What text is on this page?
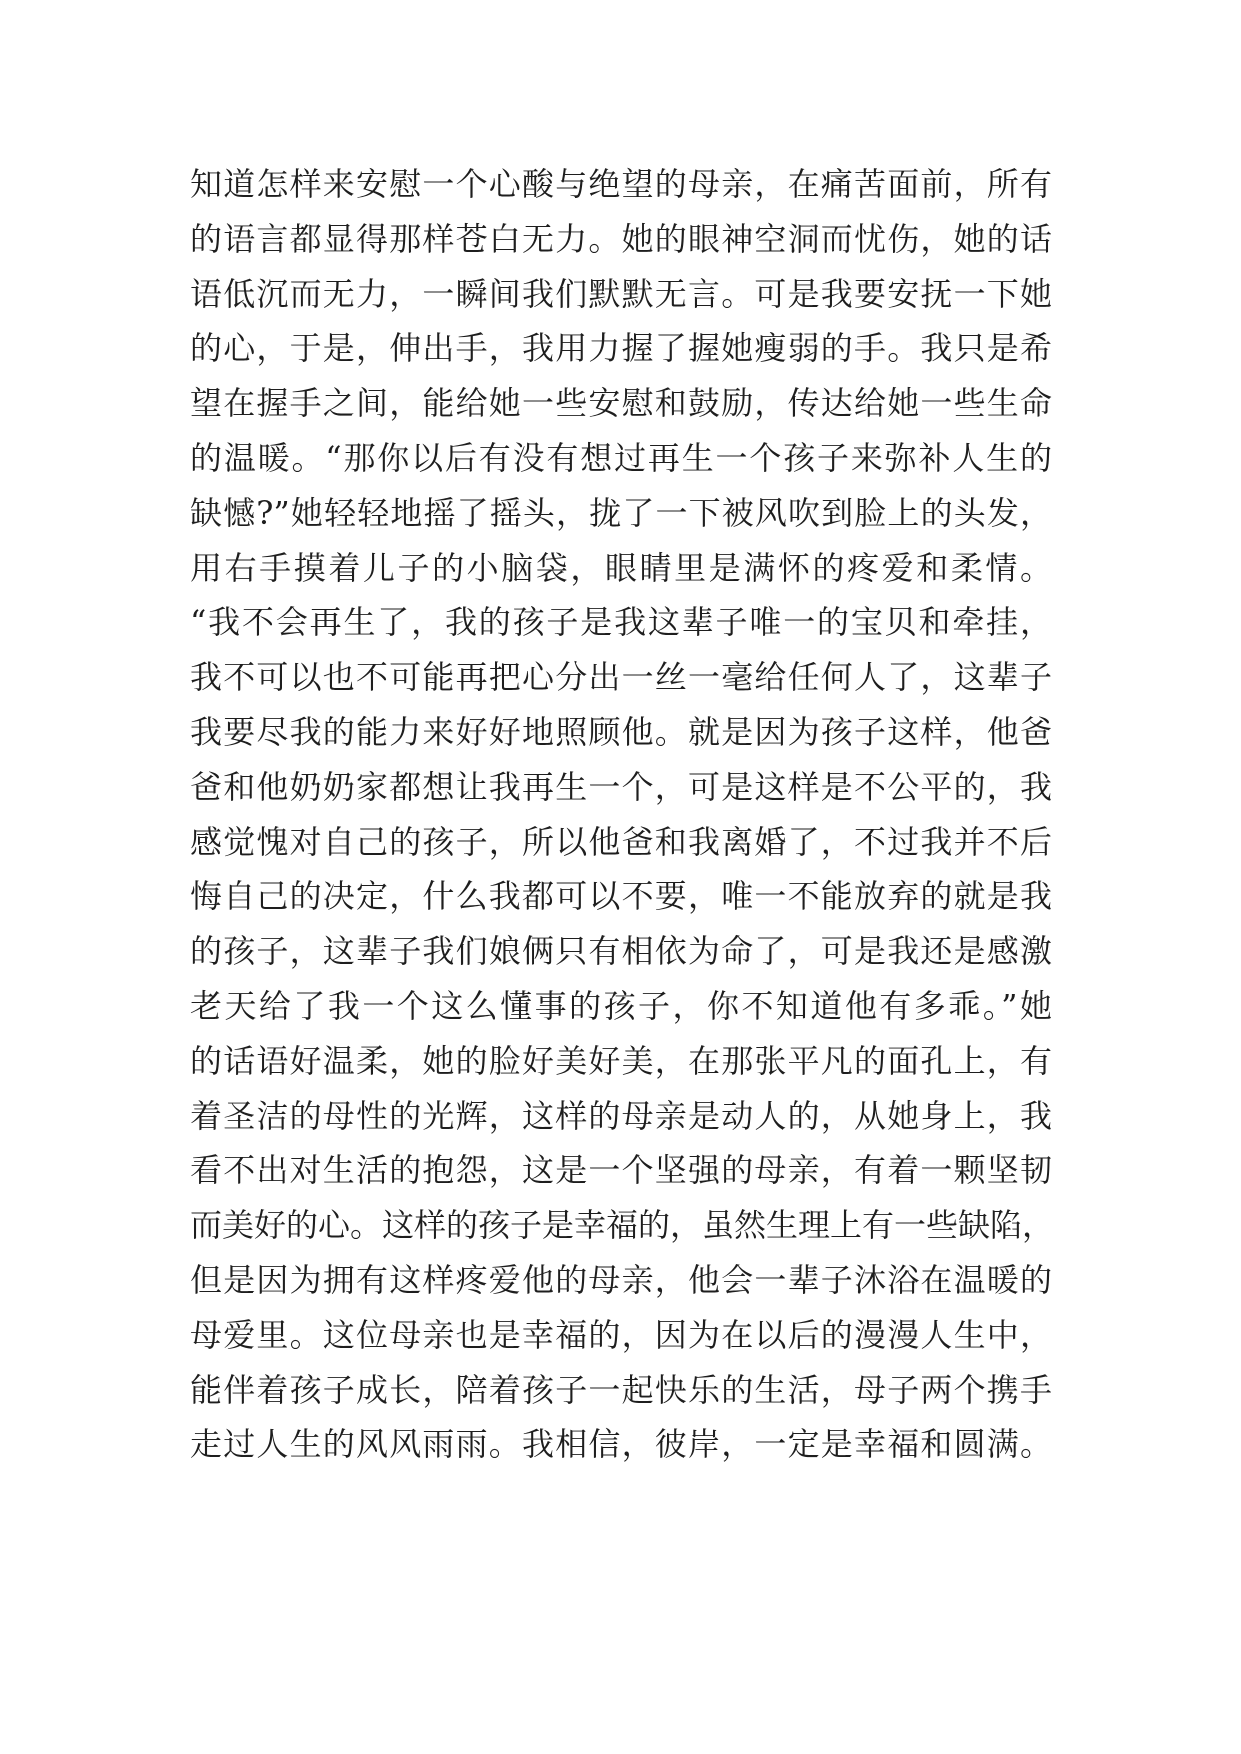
知道怎样来安慰一个心酸与绝望的母亲，在痛苦面前，所有
的语言都显得那样苍白无力。她的眼神空洞而忧伤，她的话
语低沉而无力，一瞬间我们默默无言。可是我要安抚一下她
的心，于是，伸出手，我用力握了握她瘦弱的手。我只是希
望在握手之间，能给她一些安慰和鼓励，传达给她一些生命
的温暖。“那你以后有没有想过再生一个孩子来弥补人生的
缺憾?”她轻轻地摇了摇头，拢了一下被风吹到脸上的头发，
用右手摸着儿子的小脑袋，眼睛里是满怀的疼爱和柔情。
“我不会再生了，我的孩子是我这辈子唯一的宝贝和牵挂，
我不可以也不可能再把心分出一丝一毫给任何人了，这辈子
我要尽我的能力来好好地照顾他。就是因为孩子这样，他爸
爸和他奶奶家都想让我再生一个，可是这样是不公平的，我
感觉愧对自己的孩子，所以他爸和我离婚了，不过我并不后
悔自己的决定，什么我都可以不要，唯一不能放弃的就是我
的孩子，这辈子我们娘俩只有相依为命了，可是我还是感激
老天给了我一个这么懂事的孩子，你不知道他有多乖。”她
的话语好温柔，她的脸好美好美，在那张平凡的面孔上，有
着圣洁的母性的光辉，这样的母亲是动人的，从她身上，我
看不出对生活的抱怨，这是一个坚强的母亲，有着一颗坚韧
而美好的心。这样的孩子是幸福的，虽然生理上有一些缺陷，
但是因为拥有这样疼爱他的母亲，他会一辈子沐浴在温暖的
母爱里。这位母亲也是幸福的，因为在以后的漫漫人生中，
能伴着孩子成长，陪着孩子一起快乐的生活，母子两个携手
走过人生的风风雨雨。我相信，彼岸，一定是幸福和圆满。
